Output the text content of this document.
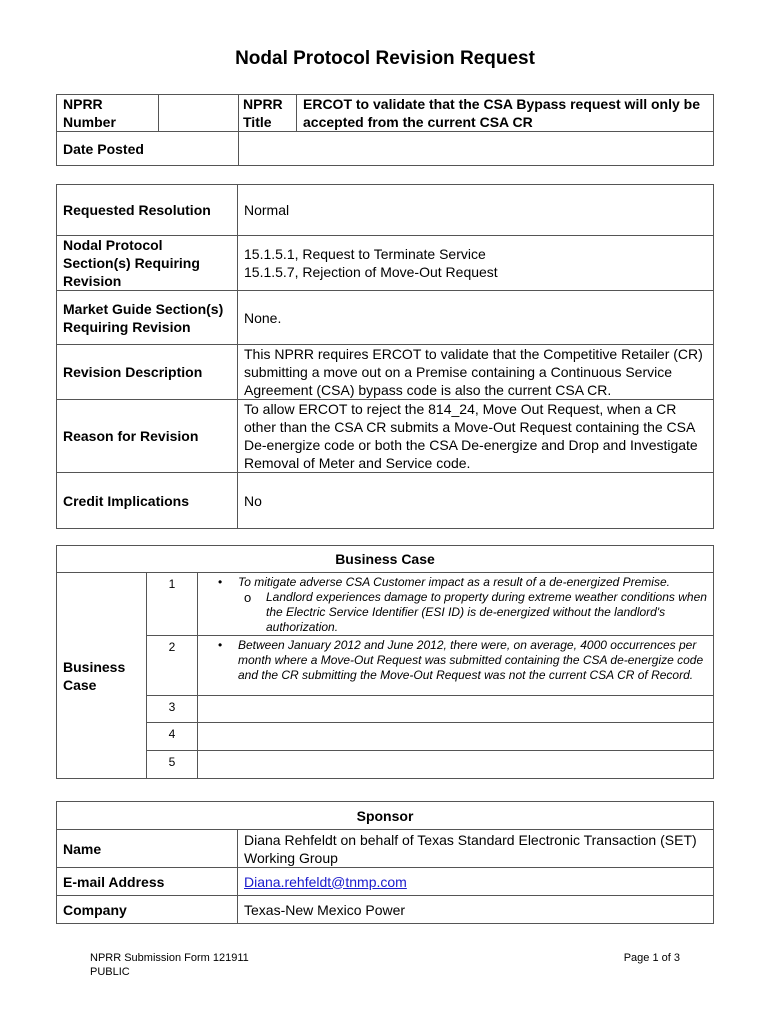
Nodal Protocol Revision Request
NPRR Number		NPRR Title	ERCOT to validate that the CSA Bypass request will only be accepted from the current CSA CR
Date Posted			
Requested Resolution	Normal
Nodal Protocol Section(s) Requiring Revision	15.1.5.1, Request to Terminate Service
15.1.5.7, Rejection of Move-Out Request

Market Guide Section(s) Requiring Revision	None.
Revision Description	This NPRR requires ERCOT to validate that the Competitive Retailer (CR) submitting a move out on a Premise containing a Continuous Service Agreement (CSA) bypass code is also the current CSA CR.
Reason for Revision	To allow ERCOT to reject the 814_24, Move Out Request, when a CR other than the CSA CR submits a Move-Out Request containing the CSA De-energize code or both the CSA De-energize and Drop and Investigate Removal of Meter and Service code.
Credit Implications	No
Business Case		
Business Case	1	• To mitigate adverse CSA Customer impact as a result of a de-energized Premise.
o Landlord experiences damage to property during extreme weather conditions when the Electric Service Identifier (ESI ID) is de-energized without the landlord's authorization.

	2	• Between January 2012 and June 2012, there were, on average, 4000 occurrences per month where a Move-Out Request was submitted containing the CSA de-energize code and the CR submitting the Move-Out Request was not the current CSA CR of Record.

	3	
	4	
	5	
Sponsor	
Name	Diana Rehfeldt on behalf of Texas Standard Electronic Transaction (SET) Working Group
E-mail Address	Diana.rehfeldt@tnmp.com
Company	Texas-New Mexico Power
NPRR Submission Form 121911
PUBLIC
Page 1 of 3
